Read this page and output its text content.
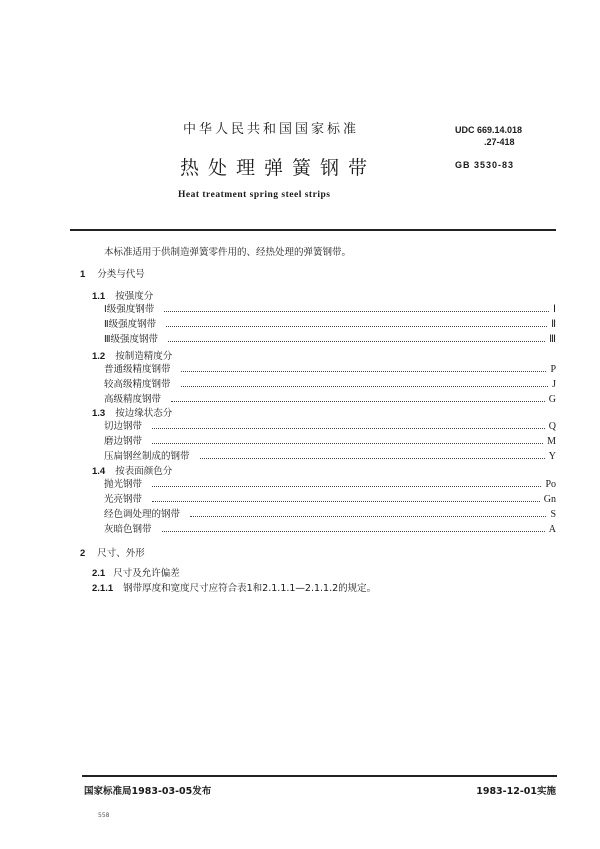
中华人民共和国国家标准	UDC 669.14.018
.27-418
热处理弹簧钢带	GB 3530-83
Heat treatment spring steel strips
本标准适用于供制造弹簧零件用的、经热处理的弹簧钢带。
1 分类与代号
1.1 按强度分
Ⅰ级强度钢带	Ⅰ
Ⅱ级强度钢带	Ⅱ
Ⅲ级强度钢带	Ⅲ
1.2 按制造精度分
普通级精度钢带	P
较高级精度钢带	J
高级精度钢带	G
1.3 按边缘状态分
切边钢带	Q
磨边钢带	M
压扁钢丝制成的钢带	Y
1.4 按表面颜色分
抛光钢带	Po
光亮钢带	Gn
经色调处理的钢带	S
灰暗色钢带	A
2 尺寸、外形
2.1 尺寸及允许偏差
2.1.1 钢带厚度和宽度尺寸应符合表1和2.1.1.1—2.1.1.2的规定。
国家标准局1983-03-05发布	1983-12-01实施
558
